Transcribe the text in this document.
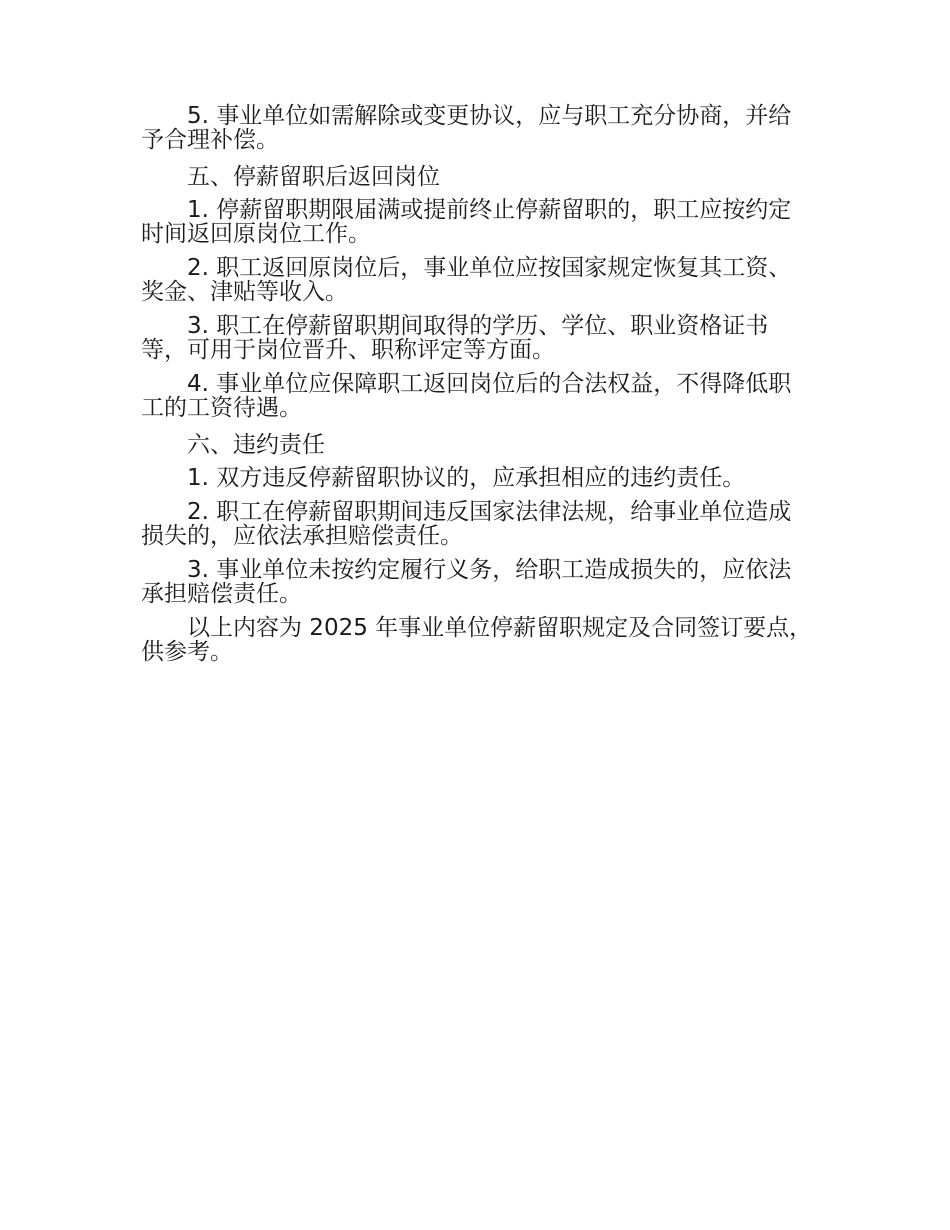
5. 事业单位如需解除或变更协议，应与职工充分协商，并给予合理补偿。

五、停薪留职后返回岗位

1. 停薪留职期限届满或提前终止停薪留职的，职工应按约定时间返回原岗位工作。

2. 职工返回原岗位后，事业单位应按国家规定恢复其工资、奖金、津贴等收入。

3. 职工在停薪留职期间取得的学历、学位、职业资格证书等，可用于岗位晋升、职称评定等方面。

4. 事业单位应保障职工返回岗位后的合法权益，不得降低职工的工资待遇。

六、违约责任

1. 双方违反停薪留职协议的，应承担相应的违约责任。

2. 职工在停薪留职期间违反国家法律法规，给事业单位造成损失的，应依法承担赔偿责任。

3. 事业单位未按约定履行义务，给职工造成损失的，应依法承担赔偿责任。

以上内容为 2025 年事业单位停薪留职规定及合同签订要点，供参考。
